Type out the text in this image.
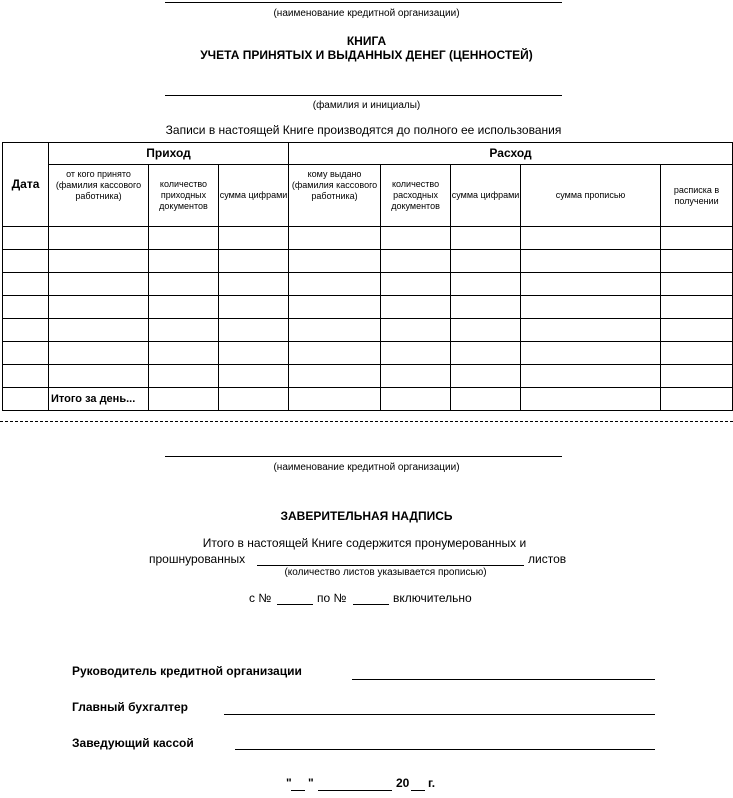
(наименование кредитной организации)
КНИГА
УЧЕТА ПРИНЯТЫХ И ВЫДАННЫХ ДЕНЕГ (ЦЕННОСТЕЙ)
(фамилия и инициалы)
Записи в настоящей Книге производятся до полного ее использования
Дата	Приход			Расход				
	от кого принято (фамилия кассового работника)	количество приходных документов	сумма цифрами	кому выдано (фамилия кассового работника)	количество расходных документов	сумма цифрами	сумма прописью	расписка в получении

	Итого за день...							
(наименование кредитной организации)
ЗАВЕРИТЕЛЬНАЯ НАДПИСЬ
Итого в настоящей Книге содержится пронумерованных и
прошнурованных	листов
(количество листов указывается прописью)
с №	по №	включительно
Руководитель кредитной организации
Главный бухгалтер
Заведующий кассой
" "	20 г.
